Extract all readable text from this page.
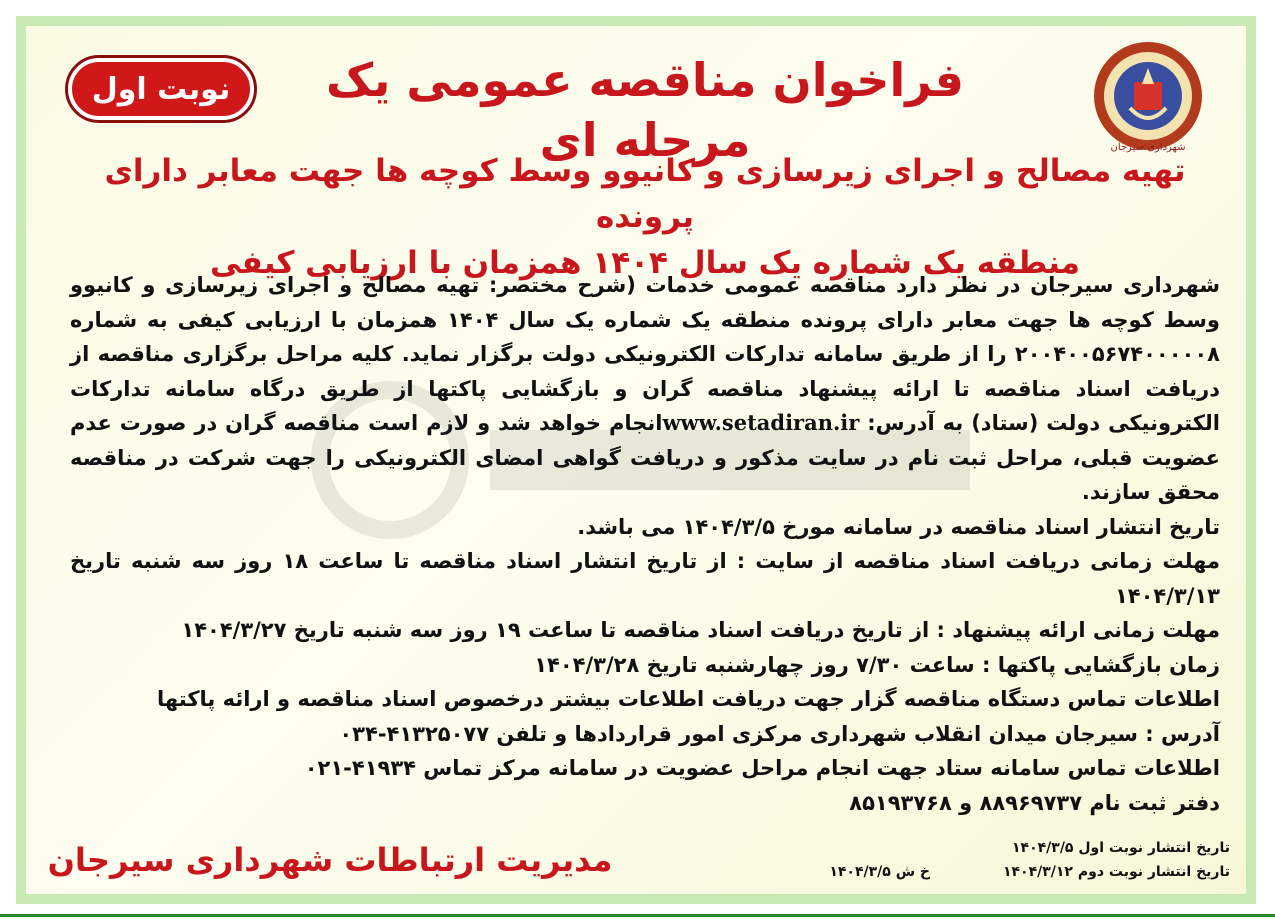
شهرداری سیرجان
نوبت اول	فراخوان مناقصه عمومی یک مرحله ای
تهیه مصالح و اجرای زیرسازی و کانیوو وسط کوچه ها جهت معابر دارای پرونده
منطقه یک شماره یک سال ۱۴۰۴ همزمان با ارزیابی کیفی

شهرداری سیرجان در نظر دارد مناقصه عمومی خدمات (شرح مختصر: تهیه مصالح و اجرای زیرسازی و کانیوو وسط کوچه ها جهت معابر دارای پرونده منطقه یک شماره یک سال ۱۴۰۴ همزمان با ارزیابی کیفی به شماره ۲۰۰۴۰۰۵۶۷۴۰۰۰۰۰۸ را از طریق سامانه تدارکات الکترونیکی دولت برگزار نماید. کلیه مراحل برگزاری مناقصه از دریافت اسناد مناقصه تا ارائه پیشنهاد مناقصه گران و بازگشایی پاکتها از طریق درگاه سامانه تدارکات الکترونیکی دولت (ستاد) به آدرس: www.setadiran.irانجام خواهد شد و لازم است مناقصه گران در صورت عدم عضویت قبلی، مراحل ثبت نام در سایت مذکور و دریافت گواهی امضای الکترونیکی را جهت شرکت در مناقصه محقق سازند.

تاریخ انتشار اسناد مناقصه در سامانه مورخ ۱۴۰۴/۳/۵ می باشد.

مهلت زمانی دریافت اسناد مناقصه از سایت : از تاریخ انتشار اسناد مناقصه تا ساعت ۱۸ روز سه شنبه تاریخ ۱۴۰۴/۳/۱۳

مهلت زمانی ارائه پیشنهاد : از تاریخ دریافت اسناد مناقصه تا ساعت ۱۹ روز سه شنبه تاریخ ۱۴۰۴/۳/۲۷

زمان بازگشایی پاکتها : ساعت ۷/۳۰ روز چهارشنبه تاریخ ۱۴۰۴/۳/۲۸

اطلاعات تماس دستگاه مناقصه گزار جهت دریافت اطلاعات بیشتر درخصوص اسناد مناقصه و ارائه پاکتها

آدرس : سیرجان میدان انقلاب شهرداری مرکزی امور قراردادها و تلفن ۴۱۳۲۵۰۷۷-۰۳۴

اطلاعات تماس سامانه ستاد جهت انجام مراحل عضویت در سامانه مرکز تماس ۴۱۹۳۴-۰۲۱

دفتر ثبت نام ۸۸۹۶۹۷۳۷ و ۸۵۱۹۳۷۶۸

مدیریت ارتباطات شهرداری سیرجان	تاریخ انتشار نوبت اول ۱۴۰۴/۳/۵
تاریخ انتشار نوبت دوم ۱۴۰۴/۳/۱۲
خ ش ۱۴۰۴/۳/۵
